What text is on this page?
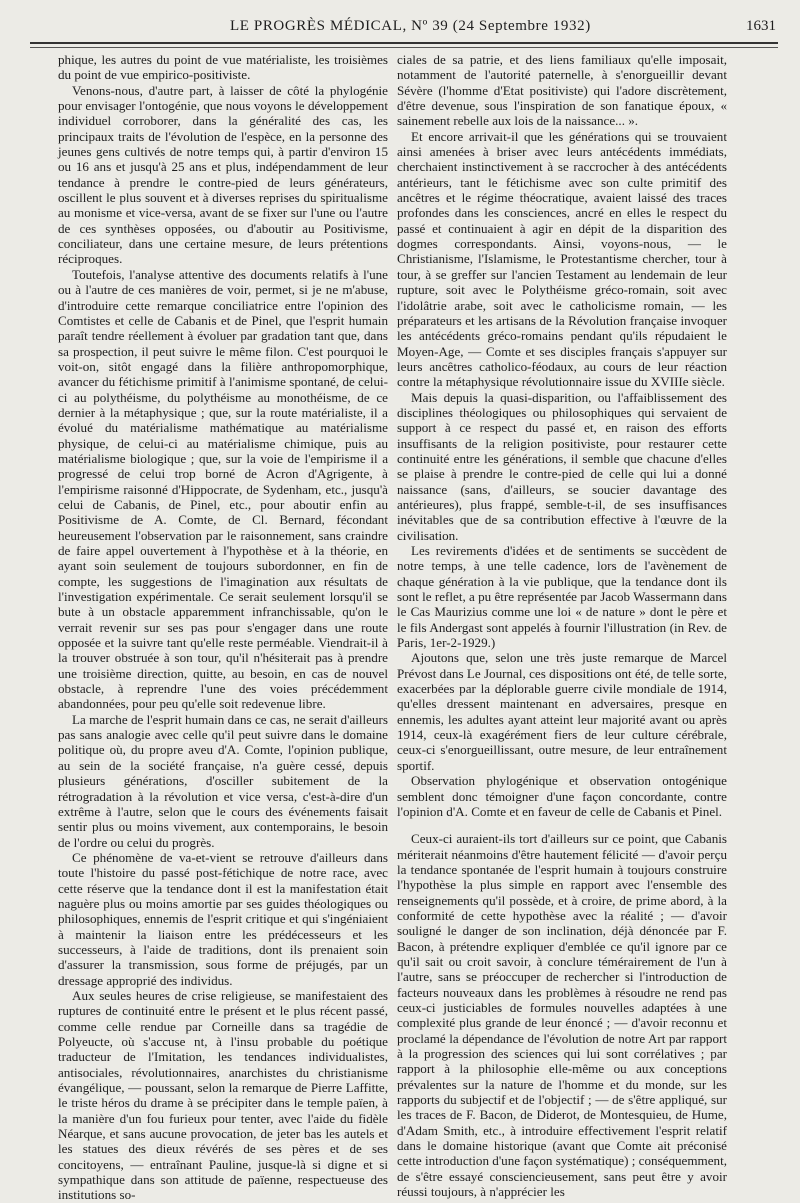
LE PROGRÈS MÉDICAL, Nº 39 (24 Septembre 1932)	1631

phique, les autres du point de vue matérialiste, les troisièmes du point de vue empirico-positiviste.

Venons-nous, d'autre part, à laisser de côté la phylogénie pour envisager l'ontogénie, que nous voyons le développement individuel corroborer, dans la généralité des cas, les principaux traits de l'évolution de l'espèce, en la personne des jeunes gens cultivés de notre temps qui, à partir d'environ 15 ou 16 ans et jusqu'à 25 ans et plus, indépendamment de leur tendance à prendre le contre-pied de leurs générateurs, oscillent le plus souvent et à diverses reprises du spiritualisme au monisme et vice-versa, avant de se fixer sur l'une ou l'autre de ces synthèses opposées, ou d'aboutir au Positivisme, conciliateur, dans une certaine mesure, de leurs prétentions réciproques.

Toutefois, l'analyse attentive des documents relatifs à l'une ou à l'autre de ces manières de voir, permet, si je ne m'abuse, d'introduire cette remarque conciliatrice entre l'opinion des Comtistes et celle de Cabanis et de Pinel, que l'esprit humain paraît tendre réellement à évoluer par gradation tant que, dans sa prospection, il peut suivre le même filon. C'est pourquoi le voit-on, sitôt engagé dans la filière anthropomorphique, avancer du fétichisme primitif à l'animisme spontané, de celui-ci au polythéisme, du polythéisme au monothéisme, de ce dernier à la métaphysique ; que, sur la route matérialiste, il a évolué du matérialisme mathématique au matérialisme physique, de celui-ci au matérialisme chimique, puis au matérialisme biologique ; que, sur la voie de l'empirisme il a progressé de celui trop borné de Acron d'Agrigente, à l'empirisme raisonné d'Hippocrate, de Sydenham, etc., jusqu'à celui de Cabanis, de Pinel, etc., pour aboutir enfin au Positivisme de A. Comte, de Cl. Bernard, fécondant heureusement l'observation par le raisonnement, sans craindre de faire appel ouvertement à l'hypothèse et à la théorie, en ayant soin seulement de toujours subordonner, en fin de compte, les suggestions de l'imagination aux résultats de l'investigation expérimentale. Ce serait seulement lorsqu'il se bute à un obstacle apparemment infranchissable, qu'on le verrait revenir sur ses pas pour s'engager dans une route opposée et la suivre tant qu'elle reste perméable. Viendrait-il à la trouver obstruée à son tour, qu'il n'hésiterait pas à prendre une troisième direction, quitte, au besoin, en cas de nouvel obstacle, à reprendre l'une des voies précédemment abandonnées, pour peu qu'elle soit redevenue libre.

La marche de l'esprit humain dans ce cas, ne serait d'ailleurs pas sans analogie avec celle qu'il peut suivre dans le domaine politique où, du propre aveu d'A. Comte, l'opinion publique, au sein de la société française, n'a guère cessé, depuis plusieurs générations, d'osciller subitement de la rétrogradation à la révolution et vice versa, c'est-à-dire d'un extrême à l'autre, selon que le cours des événements faisait sentir plus ou moins vivement, aux contemporains, le besoin de l'ordre ou celui du progrès.

Ce phénomène de va-et-vient se retrouve d'ailleurs dans toute l'histoire du passé post-fétichique de notre race, avec cette réserve que la tendance dont il est la manifestation était naguère plus ou moins amortie par ses guides théologiques ou philosophiques, ennemis de l'esprit critique et qui s'ingéniaient à maintenir la liaison entre les prédécesseurs et les successeurs, à l'aide de traditions, dont ils prenaient soin d'assurer la transmission, sous forme de préjugés, par un dressage approprié des individus.

Aux seules heures de crise religieuse, se manifestaient des ruptures de continuité entre le présent et le plus récent passé, comme celle rendue par Corneille dans sa tragédie de Polyeucte, où s'accuse nt, à l'insu probable du poétique traducteur de l'Imitation, les tendances individualistes, antisociales, révolutionnaires, anarchistes du christianisme évangélique, — poussant, selon la remarque de Pierre Laffitte, le triste héros du drame à se précipiter dans le temple païen, à la manière d'un fou furieux pour tenter, avec l'aide du fidèle Néarque, et sans aucune provocation, de jeter bas les autels et les statues des dieux révérés de ses pères et de ses concitoyens, — entraînant Pauline, jusque-là si digne et si sympathique dans son attitude de païenne, respectueuse des institutions so-

ciales de sa patrie, et des liens familiaux qu'elle imposait, notamment de l'autorité paternelle, à s'enorgueillir devant Sévère (l'homme d'Etat positiviste) qui l'adore discrètement, d'être devenue, sous l'inspiration de son fanatique époux, « sainement rebelle aux lois de la naissance... ».

Et encore arrivait-il que les générations qui se trouvaient ainsi amenées à briser avec leurs antécédents immédiats, cherchaient instinctivement à se raccrocher à des antécédents antérieurs, tant le fétichisme avec son culte primitif des ancêtres et le régime théocratique, avaient laissé des traces profondes dans les consciences, ancré en elles le respect du passé et continuaient à agir en dépit de la disparition des dogmes correspondants. Ainsi, voyons-nous, — le Christianisme, l'Islamisme, le Protestantisme chercher, tour à tour, à se greffer sur l'ancien Testament au lendemain de leur rupture, soit avec le Polythéisme gréco-romain, soit avec l'idolâtrie arabe, soit avec le catholicisme romain, — les préparateurs et les artisans de la Révolution française invoquer les antécédents gréco-romains pendant qu'ils répudaient le Moyen-Age, — Comte et ses disciples français s'appuyer sur leurs ancêtres catholico-féodaux, au cours de leur réaction contre la métaphysique révolutionnaire issue du XVIIIe siècle.

Mais depuis la quasi-disparition, ou l'affaiblissement des disciplines théologiques ou philosophiques qui servaient de support à ce respect du passé et, en raison des efforts insuffisants de la religion positiviste, pour restaurer cette continuité entre les générations, il semble que chacune d'elles se plaise à prendre le contre-pied de celle qui lui a donné naissance (sans, d'ailleurs, se soucier davantage des antérieures), plus frappé, semble-t-il, de ses insuffisances inévitables que de sa contribution effective à l'œuvre de la civilisation.

Les revirements d'idées et de sentiments se succèdent de notre temps, à une telle cadence, lors de l'avènement de chaque génération à la vie publique, que la tendance dont ils sont le reflet, a pu être représentée par Jacob Wassermann dans le Cas Maurizius comme une loi « de nature » dont le père et le fils Andergast sont appelés à fournir l'illustration (in Rev. de Paris, 1er-2-1929.)

Ajoutons que, selon une très juste remarque de Marcel Prévost dans Le Journal, ces dispositions ont été, de telle sorte, exacerbées par la déplorable guerre civile mondiale de 1914, qu'elles dressent maintenant en adversaires, presque en ennemis, les adultes ayant atteint leur majorité avant ou après 1914, ceux-là exagérément fiers de leur culture cérébrale, ceux-ci s'enorgueillissant, outre mesure, de leur entraînement sportif.

Observation phylogénique et observation ontogénique semblent donc témoigner d'une façon concordante, contre l'opinion d'A. Comte et en faveur de celle de Cabanis et Pinel.

Ceux-ci auraient-ils tort d'ailleurs sur ce point, que Cabanis mériterait néanmoins d'être hautement félicité — d'avoir perçu la tendance spontanée de l'esprit humain à toujours construire l'hypothèse la plus simple en rapport avec l'ensemble des renseignements qu'il possède, et à croire, de prime abord, à la conformité de cette hypothèse avec la réalité ; — d'avoir souligné le danger de son inclination, déjà dénoncée par F. Bacon, à prétendre expliquer d'emblée ce qu'il ignore par ce qu'il sait ou croit savoir, à conclure témérairement de l'un à l'autre, sans se préoccuper de rechercher si l'introduction de facteurs nouveaux dans les problèmes à résoudre ne rend pas ceux-ci justiciables de formules nouvelles adaptées à une complexité plus grande de leur énoncé ; — d'avoir reconnu et proclamé la dépendance de l'évolution de notre Art par rapport à la progression des sciences qui lui sont corrélatives ; par rapport à la philosophie elle-même ou aux conceptions prévalentes sur la nature de l'homme et du monde, sur les rapports du subjectif et de l'objectif ; — de s'être appliqué, sur les traces de F. Bacon, de Diderot, de Montesquieu, de Hume, d'Adam Smith, etc., à introduire effectivement l'esprit relatif dans le domaine historique (avant que Comte ait préconisé cette introduction d'une façon systématique) ; conséquemment, de s'être essayé consciencieusement, sans peut être y avoir réussi toujours, à n'apprécier les
